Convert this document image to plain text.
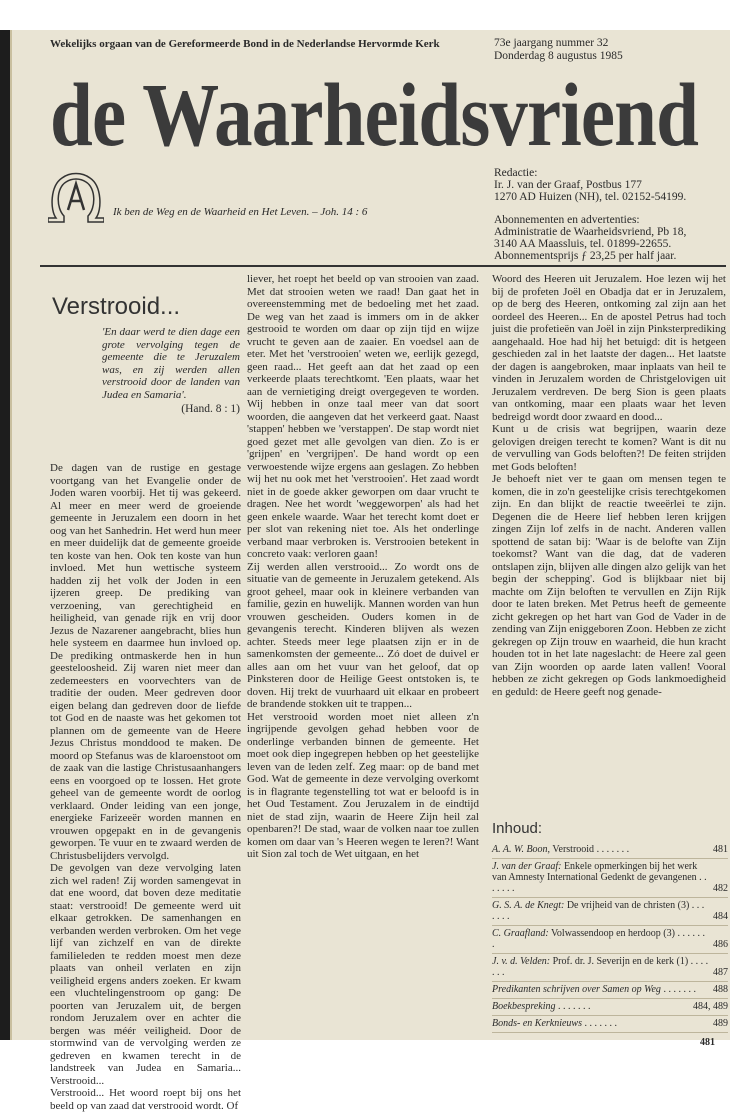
Wekelijks orgaan van de Gereformeerde Bond in de Nederlandse Hervormde Kerk	73e jaargang nummer 32
Donderdag 8 augustus 1985
de Waarheidsvriend
Ik ben de Weg en de Waarheid en Het Leven. – Joh. 14 : 6

Redactie:

Ir. J. van der Graaf, Postbus 177

1270 AD Huizen (NH), tel. 02152-54199.

Abonnementen en advertenties:

Administratie de Waarheidsvriend, Pb 18,

3140 AA Maassluis, tel. 01899-22655.

Abonnementsprijs ƒ 23,25 per half jaar.

Verstrooid...
'En daar werd te dien dage een grote vervolging tegen de gemeente die te Jeruzalem was, en zij werden allen verstrooid door de landen van Judea en Samaria'.
(Hand. 8 : 1)

De dagen van de rustige en gestage voortgang van het Evangelie onder de Joden waren voorbij. Het tij was gekeerd. Al meer en meer werd de groeiende gemeente in Jeruzalem een doorn in het oog van het Sanhedrin. Het werd hun meer en meer duidelijk dat de gemeente groeide ten koste van hen. Ook ten koste van hun invloed. Met hun wettische systeem hadden zij het volk der Joden in een ijzeren greep. De prediking van verzoening, van gerechtigheid en heiligheid, van genade rijk en vrij door Jezus de Nazarener aangebracht, blies hun hele systeem en daarmee hun invloed op. De prediking ontmaskerde hen in hun geesteloosheid. Zij waren niet meer dan zedemeesters en voorvechters van de traditie der ouden. Meer gedreven door eigen belang dan gedreven door de liefde tot God en de naaste was het gekomen tot plannen om de gemeente van de Heere Jezus Christus monddood te maken. De moord op Stefanus was de klaroenstoot om de zaak van die lastige Christusaanhangers eens en voorgoed op te lossen. Het grote geheel van de gemeente wordt de oorlog verklaard. Onder leiding van een jonge, energieke Farizeeër worden mannen en vrouwen opgepakt en in de gevangenis geworpen. Te vuur en te zwaard werden de Christusbelijders vervolgd.

De gevolgen van deze vervolging laten zich wel raden! Zij worden samengevat in dat ene woord, dat boven deze meditatie staat: verstrooid! De gemeente werd uit elkaar getrokken. De samenhangen en verbanden werden verbroken. Om het vege lijf van zichzelf en van de direkte familieleden te redden moest men deze plaats van onheil verlaten en zijn veiligheid ergens anders zoeken. Er kwam een vluchtelingenstroom op gang: De poorten van Jeruzalem uit, de bergen rondom Jeruzalem over en achter die bergen was méér veiligheid. Door de stormwind van de vervolging werden ze gedreven en kwamen terecht in de landstreek van Judea en Samaria... Verstrooid...

Verstrooid... Het woord roept bij ons het beeld op van zaad dat verstrooid wordt. Of

liever, het roept het beeld op van strooien van zaad. Met dat strooien weten we raad! Dan gaat het in overeenstemming met de bedoeling met het zaad. De weg van het zaad is immers om in de akker gestrooid te worden om daar op zijn tijd en wijze vrucht te geven aan de zaaier. En voedsel aan de eter. Met het 'verstrooien' weten we, eerlijk gezegd, geen raad... Het geeft aan dat het zaad op een verkeerde plaats terechtkomt. 'Een plaats, waar het aan de vernietiging dreigt overgegeven te worden. Wij hebben in onze taal meer van dat soort woorden, die aangeven dat het verkeerd gaat. Naast 'stappen' hebben we 'verstappen'. De stap wordt niet goed gezet met alle gevolgen van dien. Zo is er 'grijpen' en 'vergrijpen'. De hand wordt op een verwoestende wijze ergens aan geslagen. Zo hebben wij het nu ook met het 'verstrooien'. Het zaad wordt niet in de goede akker geworpen om daar vrucht te dragen. Nee het wordt 'weggeworpen' als had het geen enkele waarde. Waar het terecht komt doet er per slot van rekening niet toe. Als het onderlinge verband maar verbroken is. Verstrooien betekent in concreto vaak: verloren gaan!

Zij werden allen verstrooid... Zo wordt ons de situatie van de gemeente in Jeruzalem getekend. Als groot geheel, maar ook in kleinere verbanden van familie, gezin en huwelijk. Mannen worden van hun vrouwen gescheiden. Ouders komen in de gevangenis terecht. Kinderen blijven als wezen achter. Steeds meer lege plaatsen zijn er in de samenkomsten der gemeente... Zó doet de duivel er alles aan om het vuur van het geloof, dat op Pinksteren door de Heilige Geest ontstoken is, te doven. Hij trekt de vuurhaard uit elkaar en probeert de brandende stokken uit te trappen...

Het verstrooid worden moet niet alleen z'n ingrijpende gevolgen gehad hebben voor de onderlinge verbanden binnen de gemeente. Het moet ook diep ingegrepen hebben op het geestelijke leven van de leden zelf. Zeg maar: op de band met God. Wat de gemeente in deze vervolging overkomt is in flagrante tegenstelling tot wat er beloofd is in het Oud Testament. Zou Jeruzalem in de eindtijd niet de stad zijn, waarin de Heere Zijn heil zal openbaren?! De stad, waar de volken naar toe zullen komen om daar van 's Heeren wegen te leren?! Want uit Sion zal toch de Wet uitgaan, en het

Woord des Heeren uit Jeruzalem. Hoe lezen wij het bij de profeten Joël en Obadja dat er in Jeruzalem, op de berg des Heeren, ontkoming zal zijn aan het oordeel des Heeren... En de apostel Petrus had toch juist die profetieën van Joël in zijn Pinksterprediking aangehaald. Hoe had hij het betuigd: dit is hetgeen geschieden zal in het laatste der dagen... Het laatste der dagen is aangebroken, maar inplaats van heil te vinden in Jeruzalem worden de Christgelovigen uit Jeruzalem verdreven. De berg Sion is geen plaats van ontkoming, maar een plaats waar het leven bedreigd wordt door zwaard en dood...

Kunt u de crisis wat begrijpen, waarin deze gelovigen dreigen terecht te komen? Want is dit nu de vervulling van Gods beloften?! De feiten strijden met Gods beloften!

Je behoeft niet ver te gaan om mensen tegen te komen, die in zo'n geestelijke crisis terechtgekomen zijn. En dan blijkt de reactie tweeërlei te zijn. Degenen die de Heere lief hebben leren krijgen zingen Zijn lof zelfs in de nacht. Anderen vallen spottend de satan bij: 'Waar is de belofte van Zijn toekomst? Want van die dag, dat de vaderen ontslapen zijn, blijven alle dingen alzo gelijk van het begin der schepping'. God is blijkbaar niet bij machte om Zijn beloften te vervullen en Zijn Rijk door te laten breken. Met Petrus heeft de gemeente zicht gekregen op het hart van God de Vader in de zending van Zijn eniggeboren Zoon. Hebben ze zicht gekregen op Zijn trouw en waarheid, die hun kracht houden tot in het late nageslacht: de Heere zal geen van Zijn woorden op aarde laten vallen! Vooral hebben ze zicht gekregen op Gods lankmoedigheid en geduld: de Heere geeft nog genade-

Inhoud:
A. A. W. Boon, Verstrooid . . . . . . .	481
J. van der Graaf: Enkele opmerkingen bij het werk van Amnesty International Gedenkt de gevangenen . . . . . . .	482
G. S. A. de Knegt: De vrijheid van de christen (3) . . . . . . .	484
C. Graafland: Volwassendoop en herdoop (3) . . . . . . .	486
J. v. d. Velden: Prof. dr. J. Severijn en de kerk (1) . . . . . . .	487
Predikanten schrijven over Samen op Weg . . . . . . .	488
Boekbespreking . . . . . . .	484, 489
Bonds- en Kerknieuws . . . . . . .	489
481
